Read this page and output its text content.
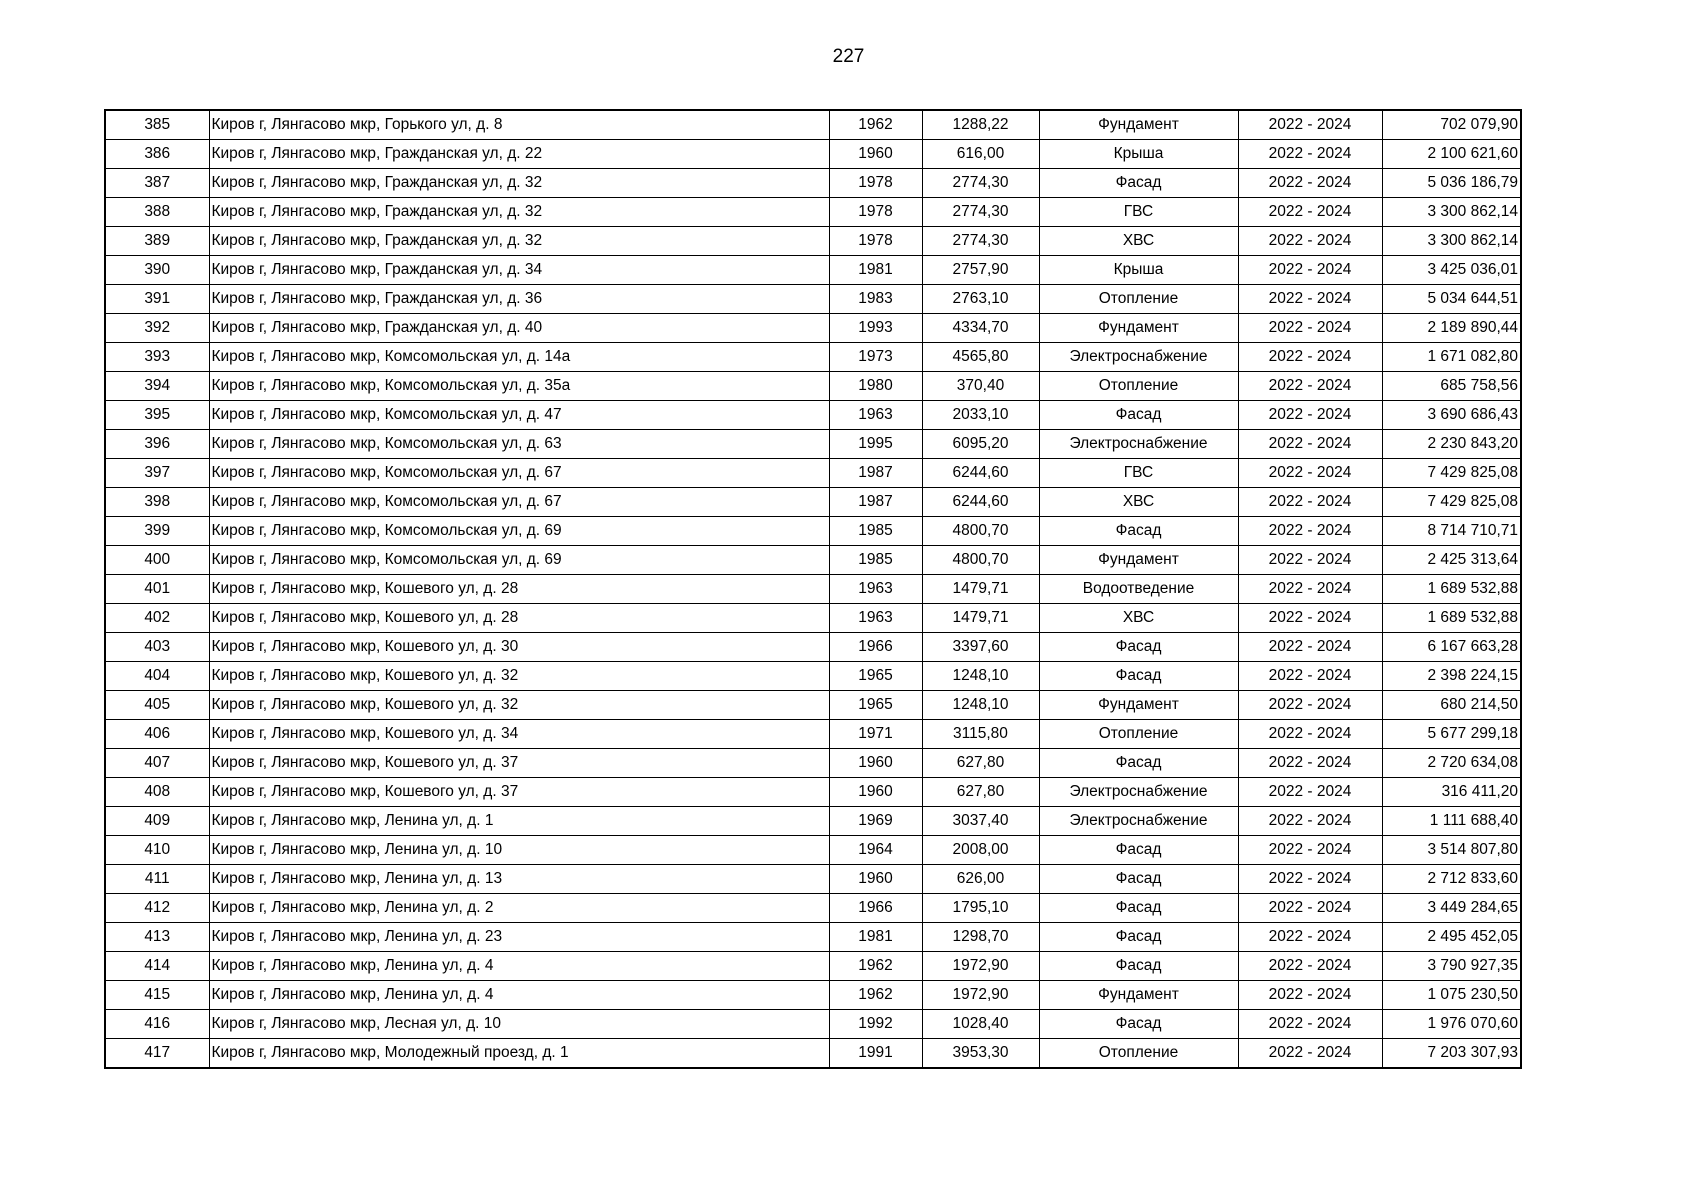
227
385	Киров г, Лянгасово мкр, Горького ул, д. 8	1962	1288,22	Фундамент	2022 - 2024	702 079,90
386	Киров г, Лянгасово мкр, Гражданская ул, д. 22	1960	616,00	Крыша	2022 - 2024	2 100 621,60
387	Киров г, Лянгасово мкр, Гражданская ул, д. 32	1978	2774,30	Фасад	2022 - 2024	5 036 186,79
388	Киров г, Лянгасово мкр, Гражданская ул, д. 32	1978	2774,30	ГВС	2022 - 2024	3 300 862,14
389	Киров г, Лянгасово мкр, Гражданская ул, д. 32	1978	2774,30	ХВС	2022 - 2024	3 300 862,14
390	Киров г, Лянгасово мкр, Гражданская ул, д. 34	1981	2757,90	Крыша	2022 - 2024	3 425 036,01
391	Киров г, Лянгасово мкр, Гражданская ул, д. 36	1983	2763,10	Отопление	2022 - 2024	5 034 644,51
392	Киров г, Лянгасово мкр, Гражданская ул, д. 40	1993	4334,70	Фундамент	2022 - 2024	2 189 890,44
393	Киров г, Лянгасово мкр, Комсомольская ул, д. 14а	1973	4565,80	Электроснабжение	2022 - 2024	1 671 082,80
394	Киров г, Лянгасово мкр, Комсомольская ул, д. 35а	1980	370,40	Отопление	2022 - 2024	685 758,56
395	Киров г, Лянгасово мкр, Комсомольская ул, д. 47	1963	2033,10	Фасад	2022 - 2024	3 690 686,43
396	Киров г, Лянгасово мкр, Комсомольская ул, д. 63	1995	6095,20	Электроснабжение	2022 - 2024	2 230 843,20
397	Киров г, Лянгасово мкр, Комсомольская ул, д. 67	1987	6244,60	ГВС	2022 - 2024	7 429 825,08
398	Киров г, Лянгасово мкр, Комсомольская ул, д. 67	1987	6244,60	ХВС	2022 - 2024	7 429 825,08
399	Киров г, Лянгасово мкр, Комсомольская ул, д. 69	1985	4800,70	Фасад	2022 - 2024	8 714 710,71
400	Киров г, Лянгасово мкр, Комсомольская ул, д. 69	1985	4800,70	Фундамент	2022 - 2024	2 425 313,64
401	Киров г, Лянгасово мкр, Кошевого ул, д. 28	1963	1479,71	Водоотведение	2022 - 2024	1 689 532,88
402	Киров г, Лянгасово мкр, Кошевого ул, д. 28	1963	1479,71	ХВС	2022 - 2024	1 689 532,88
403	Киров г, Лянгасово мкр, Кошевого ул, д. 30	1966	3397,60	Фасад	2022 - 2024	6 167 663,28
404	Киров г, Лянгасово мкр, Кошевого ул, д. 32	1965	1248,10	Фасад	2022 - 2024	2 398 224,15
405	Киров г, Лянгасово мкр, Кошевого ул, д. 32	1965	1248,10	Фундамент	2022 - 2024	680 214,50
406	Киров г, Лянгасово мкр, Кошевого ул, д. 34	1971	3115,80	Отопление	2022 - 2024	5 677 299,18
407	Киров г, Лянгасово мкр, Кошевого ул, д. 37	1960	627,80	Фасад	2022 - 2024	2 720 634,08
408	Киров г, Лянгасово мкр, Кошевого ул, д. 37	1960	627,80	Электроснабжение	2022 - 2024	316 411,20
409	Киров г, Лянгасово мкр, Ленина ул, д. 1	1969	3037,40	Электроснабжение	2022 - 2024	1 111 688,40
410	Киров г, Лянгасово мкр, Ленина ул, д. 10	1964	2008,00	Фасад	2022 - 2024	3 514 807,80
411	Киров г, Лянгасово мкр, Ленина ул, д. 13	1960	626,00	Фасад	2022 - 2024	2 712 833,60
412	Киров г, Лянгасово мкр, Ленина ул, д. 2	1966	1795,10	Фасад	2022 - 2024	3 449 284,65
413	Киров г, Лянгасово мкр, Ленина ул, д. 23	1981	1298,70	Фасад	2022 - 2024	2 495 452,05
414	Киров г, Лянгасово мкр, Ленина ул, д. 4	1962	1972,90	Фасад	2022 - 2024	3 790 927,35
415	Киров г, Лянгасово мкр, Ленина ул, д. 4	1962	1972,90	Фундамент	2022 - 2024	1 075 230,50
416	Киров г, Лянгасово мкр, Лесная ул, д. 10	1992	1028,40	Фасад	2022 - 2024	1 976 070,60
417	Киров г, Лянгасово мкр, Молодежный проезд, д. 1	1991	3953,30	Отопление	2022 - 2024	7 203 307,93
